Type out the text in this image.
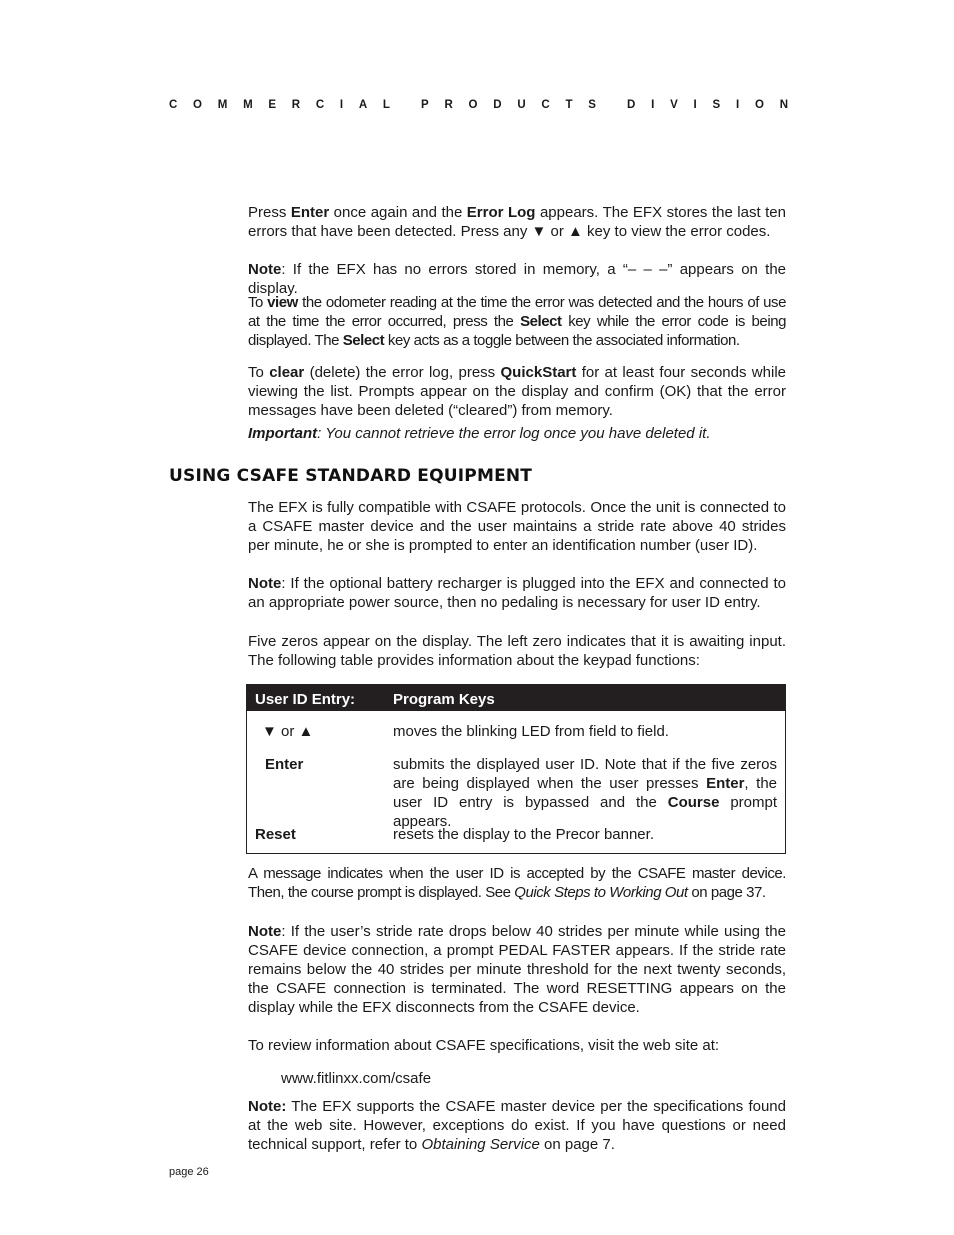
C O M M E R C I A L	P R O D U C T S	D I V I S I O N

Press Enter once again and the Error Log appears. The EFX stores the last ten errors that have been detected. Press any ▼ or ▲ key to view the error codes.

Note: If the EFX has no errors stored in memory, a “– – –” appears on the display.

To view the odometer reading at the time the error was detected and the hours of use at the time the error occurred, press the Select key while the error code is being displayed. The Select key acts as a toggle between the associated information.

To clear (delete) the error log, press QuickStart for at least four seconds while viewing the list. Prompts appear on the display and confirm (OK) that the error messages have been deleted (“cleared”) from memory.

Important: You cannot retrieve the error log once you have deleted it.

USING CSAFE STANDARD EQUIPMENT

The EFX is fully compatible with CSAFE protocols. Once the unit is connected to a CSAFE master device and the user maintains a stride rate above 40 strides per minute, he or she is prompted to enter an identification number (user ID).

Note: If the optional battery recharger is plugged into the EFX and connected to an appropriate power source, then no pedaling is necessary for user ID entry.

Five zeros appear on the display. The left zero indicates that it is awaiting input. The following table provides information about the keypad functions:

User ID Entry:	Program Keys
▼ or ▲	moves the blinking LED from field to field.
Enter	submits the displayed user ID. Note that if the five zeros are being displayed when the user presses Enter, the user ID entry is bypassed and the Course prompt appears.
Reset	resets the display to the Precor banner.

A message indicates when the user ID is accepted by the CSAFE master device. Then, the course prompt is displayed. See Quick Steps to Working Out on page 37.

Note: If the user’s stride rate drops below 40 strides per minute while using the CSAFE device connection, a prompt PEDAL FASTER appears. If the stride rate remains below the 40 strides per minute threshold for the next twenty seconds, the CSAFE connection is terminated. The word RESETTING appears on the display while the EFX disconnects from the CSAFE device.

To review information about CSAFE specifications, visit the web site at:

www.fitlinxx.com/csafe

Note: The EFX supports the CSAFE master device per the specifications found at the web site. However, exceptions do exist. If you have questions or need technical support, refer to Obtaining Service on page 7.

page 26
